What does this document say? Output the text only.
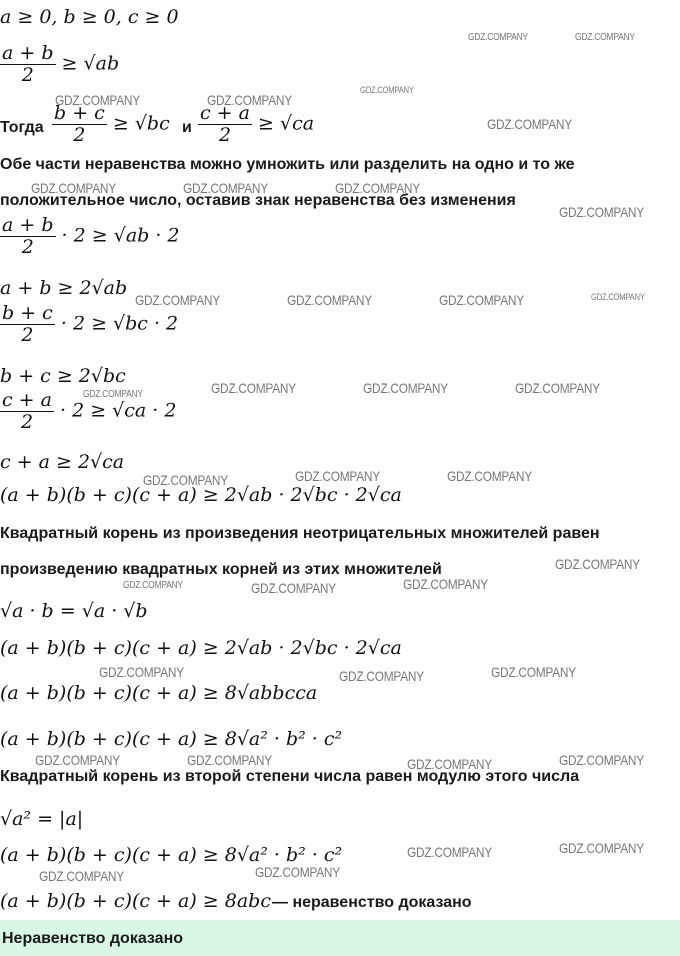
a ≥ 0, b ≥ 0, c ≥ 0
$\frac{a + b}{2} \ge √ab$
Тогда $\frac{b + c}{2} \ge √bc$ и $\frac{c + a}{2} \ge √ca$
Обе части неравенства можно умножить или разделить на одно и то же
положительное число, оставив знак неравенства без изменения
$\frac{a + b}{2} \cdot 2 \ge √ab \cdot 2$
a + b ≥ 2√ab
$\frac{b + c}{2} \cdot 2 \ge √bc \cdot 2$
b + c ≥ 2√bc
$\frac{c + a}{2} \cdot 2 \ge √ca \cdot 2$
c + a ≥ 2√ca
(a + b)(b + c)(c + a) ≥ 2√ab · 2√bc · 2√ca
Квадратный корень из произведения неотрицательных множителей равен
произведению квадратных корней из этих множителей
√a · b = √a · √b
(a + b)(b + c)(c + a) ≥ 2√ab · 2√bc · 2√ca
(a + b)(b + c)(c + a) ≥ 8√abbcca
(a + b)(b + c)(c + a) ≥ 8√a² · b² · c²
Квадратный корень из второй степени числа равен модулю этого числа
√a² = |a|
(a + b)(b + c)(c + a) ≥ 8√a² · b² · c²
(a + b)(b + c)(c + a) ≥ 8abc — неравенство доказано
GDZ.COMPANY	GDZ.COMPANY
GDZ.COMPANY
GDZ.COMPANY	GDZ.COMPANY
GDZ.COMPANY
GDZ.COMPANY	GDZ.COMPANY	GDZ.COMPANY
GDZ.COMPANY
GDZ.COMPANY	GDZ.COMPANY	GDZ.COMPANY	GDZ.COMPANY
GDZ.COMPANY	GDZ.COMPANY	GDZ.COMPANY
GDZ.COMPANY
GDZ.COMPANY	GDZ.COMPANY	GDZ.COMPANY
GDZ.COMPANY
GDZ.COMPANY	GDZ.COMPANY	GDZ.COMPANY
GDZ.COMPANY	GDZ.COMPANY	GDZ.COMPANY
GDZ.COMPANY	GDZ.COMPANY	GDZ.COMPANY	GDZ.COMPANY
GDZ.COMPANY	GDZ.COMPANY
GDZ.COMPANY	GDZ.COMPANY
Неравенство доказано
